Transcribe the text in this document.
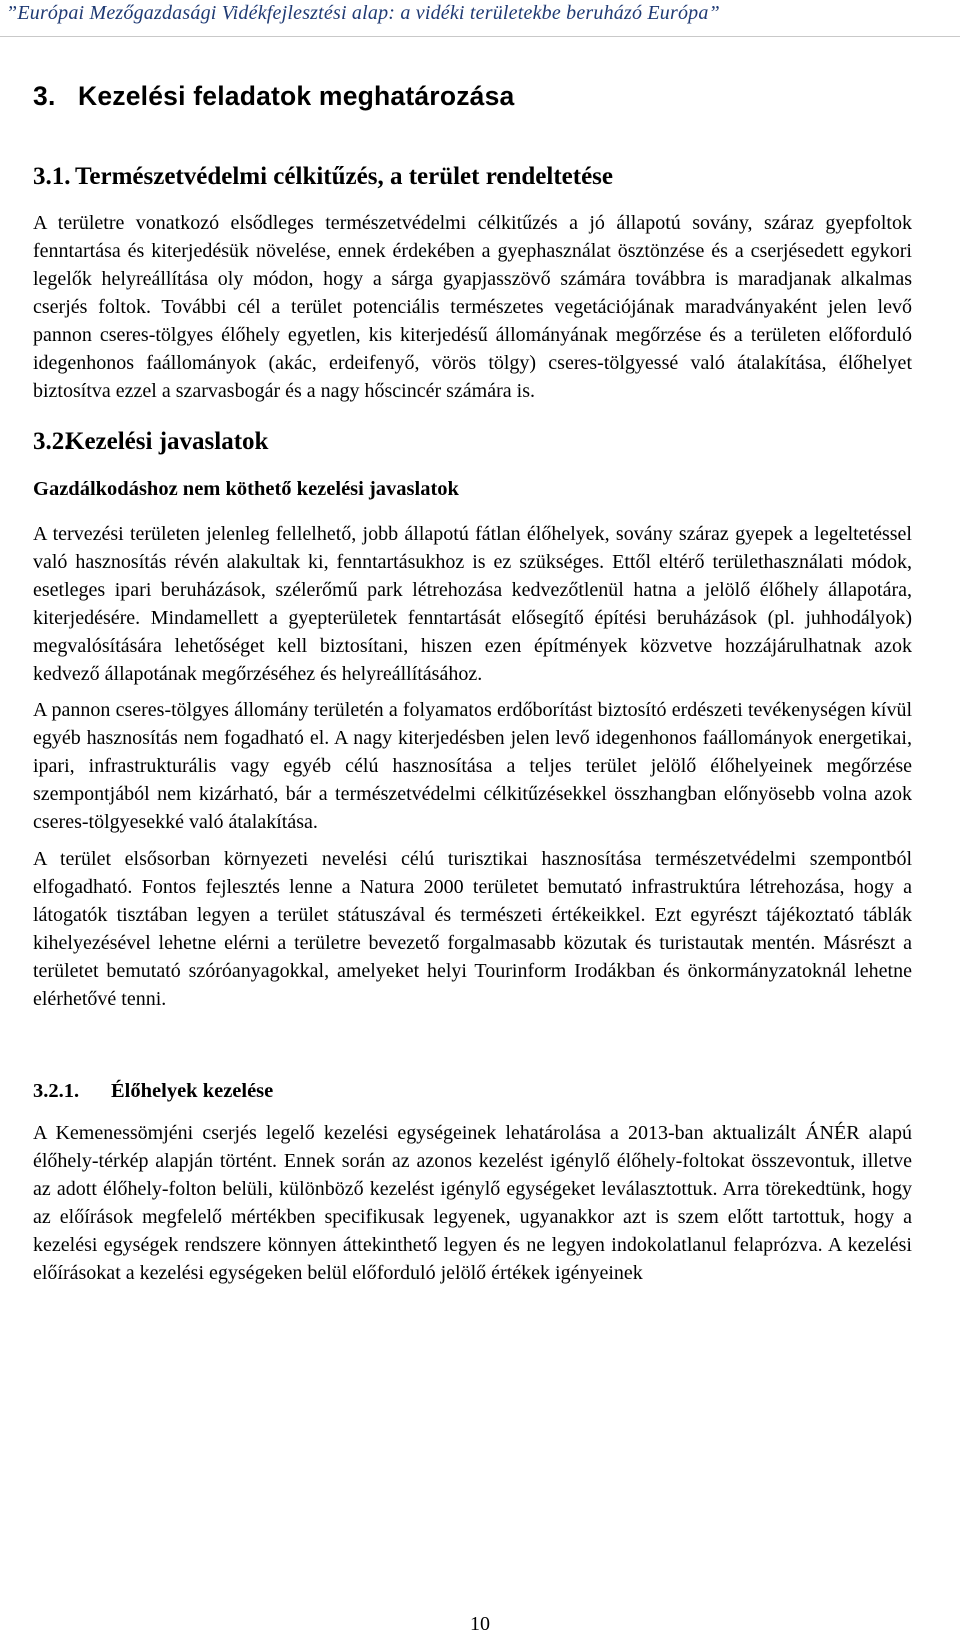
”Európai Mezőgazdasági Vidékfejlesztési alap: a vidéki területekbe beruházó Európa”
3. Kezelési feladatok meghatározása
3.1. Természetvédelmi célkitűzés, a terület rendeltetése

A területre vonatkozó elsődleges természetvédelmi célkitűzés a jó állapotú sovány, száraz gyepfoltok fenntartása és kiterjedésük növelése, ennek érdekében a gyephasználat ösztönzése és a cserjésedett egykori legelők helyreállítása oly módon, hogy a sárga gyapjasszövő számára továbbra is maradjanak alkalmas cserjés foltok. További cél a terület potenciális természetes vegetációjának maradványaként jelen levő pannon cseres-tölgyes élőhely egyetlen, kis kiterjedésű állományának megőrzése és a területen előforduló idegenhonos faállományok (akác, erdeifenyő, vörös tölgy) cseres-tölgyessé való átalakítása, élőhelyet biztosítva ezzel a szarvasbogár és a nagy hőscincér számára is.

3.2.Kezelési javaslatok
Gazdálkodáshoz nem köthető kezelési javaslatok

A tervezési területen jelenleg fellelhető, jobb állapotú fátlan élőhelyek, sovány száraz gyepek a legeltetéssel való hasznosítás révén alakultak ki, fenntartásukhoz is ez szükséges. Ettől eltérő területhasználati módok, esetleges ipari beruházások, szélerőmű park létrehozása kedvezőtlenül hatna a jelölő élőhely állapotára, kiterjedésére. Mindamellett a gyepterületek fenntartását elősegítő építési beruházások (pl. juhhodályok) megvalósítására lehetőséget kell biztosítani, hiszen ezen építmények közvetve hozzájárulhatnak azok kedvező állapotának megőrzéséhez és helyreállításához.

A pannon cseres-tölgyes állomány területén a folyamatos erdőborítást biztosító erdészeti tevékenységen kívül egyéb hasznosítás nem fogadható el. A nagy kiterjedésben jelen levő idegenhonos faállományok energetikai, ipari, infrastrukturális vagy egyéb célú hasznosítása a teljes terület jelölő élőhelyeinek megőrzése szempontjából nem kizárható, bár a természetvédelmi célkitűzésekkel összhangban előnyösebb volna azok cseres-tölgyesekké való átalakítása.

A terület elsősorban környezeti nevelési célú turisztikai hasznosítása természetvédelmi szempontból elfogadható. Fontos fejlesztés lenne a Natura 2000 területet bemutató infrastruktúra létrehozása, hogy a látogatók tisztában legyen a terület státuszával és természeti értékeikkel. Ezt egyrészt tájékoztató táblák kihelyezésével lehetne elérni a területre bevezető forgalmasabb közutak és turistautak mentén. Másrészt a területet bemutató szóróanyagokkal, amelyeket helyi Tourinform Irodákban és önkormányzatoknál lehetne elérhetővé tenni.

3.2.1. Élőhelyek kezelése

A Kemenessömjéni cserjés legelő kezelési egységeinek lehatárolása a 2013-ban aktualizált ÁNÉR alapú élőhely-térkép alapján történt. Ennek során az azonos kezelést igénylő élőhely-foltokat összevontuk, illetve az adott élőhely-folton belüli, különböző kezelést igénylő egységeket leválasztottuk. Arra törekedtünk, hogy az előírások megfelelő mértékben specifikusak legyenek, ugyanakkor azt is szem előtt tartottuk, hogy a kezelési egységek rendszere könnyen áttekinthető legyen és ne legyen indokolatlanul felaprózva. A kezelési előírásokat a kezelési egységeken belül előforduló jelölő értékek igényeinek

10
